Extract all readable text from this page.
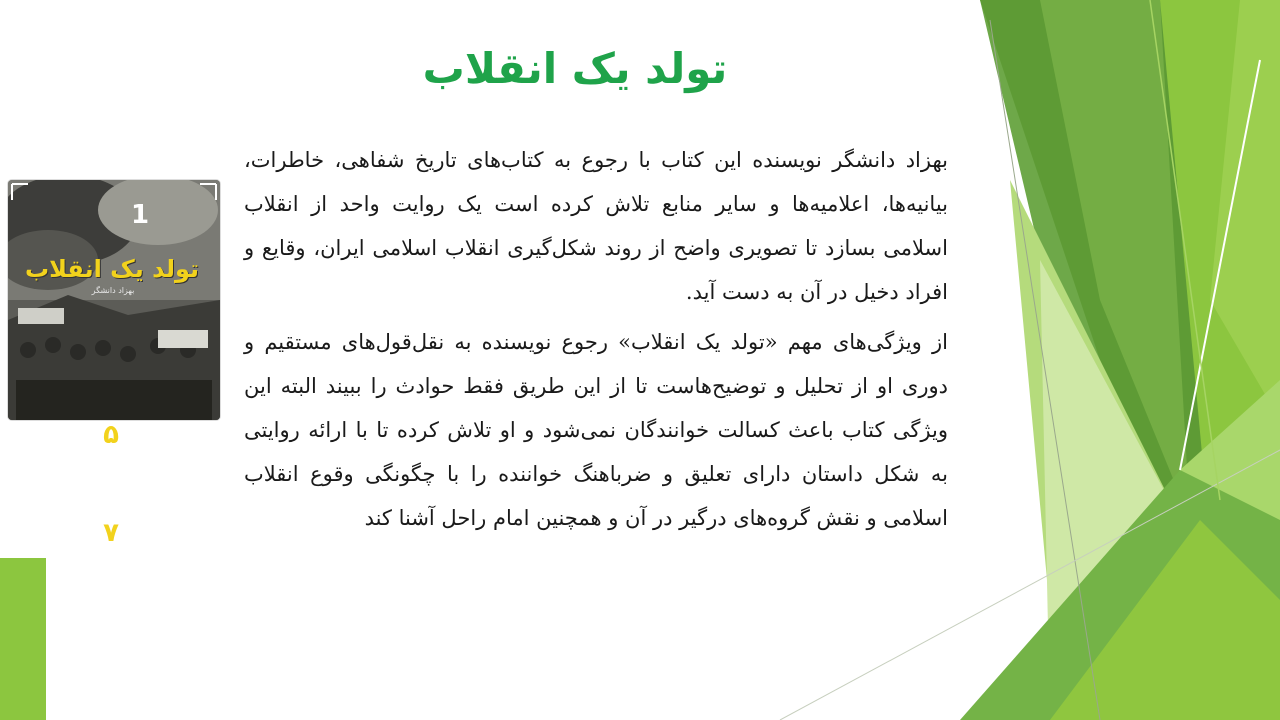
تولد یک انقلاب

بهزاد دانشگر نویسنده این کتاب با رجوع به کتاب‌های تاریخ شفاهی، خاطرات، بیانیه‌ها، اعلامیه‌ها و سایر منابع تلاش کرده است یک روایت واحد از انقلاب اسلامی بسازد تا تصویری واضح از روند شکل‌گیری انقلاب اسلامی ایران، وقایع و افراد دخیل در آن به دست آید.

از ویژگی‌های مهم «تولد یک انقلاب» رجوع نویسنده به نقل‌قول‌های مستقیم و دوری او از تحلیل و توضیح‌هاست تا از این طریق فقط حوادث را ببیند البته این ویژگی کتاب باعث کسالت خوانندگان نمی‌شود و او تلاش کرده تا با ارائه روایتی به شکل داستان دارای تعلیق و ضرباهنگ خواننده را با چگونگی وقوع انقلاب اسلامی و نقش گروه‌های درگیر در آن و همچنین امام راحل آشنا کند

1
تولد یک انقلاب
بهزاد دانشگر
۵
۷
